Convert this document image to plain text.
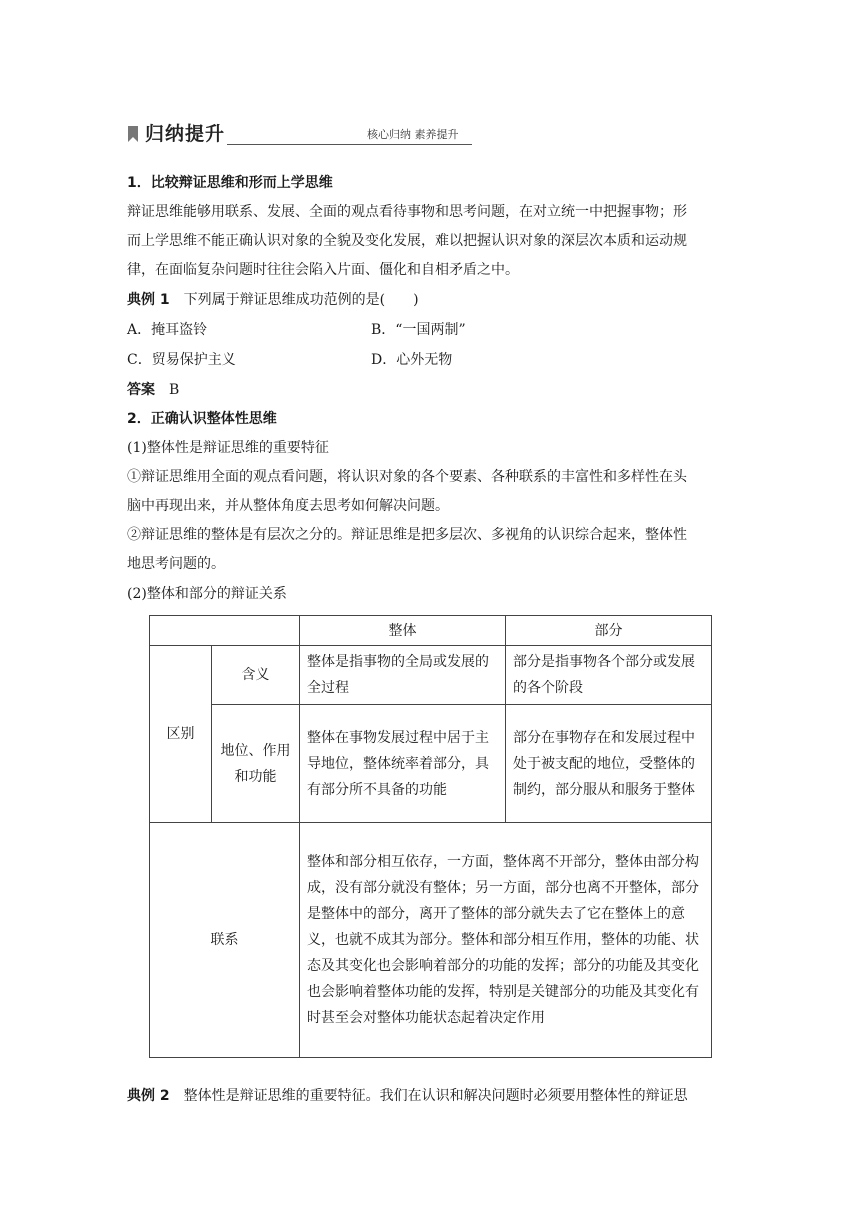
归纳提升	核心归纳 素养提升
1．比较辩证思维和形而上学思维
辩证思维能够用联系、发展、全面的观点看待事物和思考问题，在对立统一中把握事物；形
而上学思维不能正确认识对象的全貌及变化发展，难以把握认识对象的深层次本质和运动规
律，在面临复杂问题时往往会陷入片面、僵化和自相矛盾之中。
典例 1  下列属于辩证思维成功范例的是(　　)
A．掩耳盗铃	B．“一国两制”
C．贸易保护主义	D．心外无物
答案  B
2．正确认识整体性思维
(1)整体性是辩证思维的重要特征
①辩证思维用全面的观点看问题，将认识对象的各个要素、各种联系的丰富性和多样性在头
脑中再现出来，并从整体角度去思考如何解决问题。
②辩证思维的整体是有层次之分的。辩证思维是把多层次、多视角的认识综合起来，整体性
地思考问题的。
(2)整体和部分的辩证关系
		整体	部分
区别	含义	整体是指事物的全局或发展的全过程	部分是指事物各个部分或发展的各个阶段
	地位、作用和功能	整体在事物发展过程中居于主导地位，整体统率着部分，具有部分所不具备的功能	部分在事物存在和发展过程中处于被支配的地位，受整体的制约，部分服从和服务于整体
联系		整体和部分相互依存，一方面，整体离不开部分，整体由部分构成，没有部分就没有整体；另一方面，部分也离不开整体，部分是整体中的部分，离开了整体的部分就失去了它在整体上的意义，也就不成其为部分。整体和部分相互作用，整体的功能、状态及其变化也会影响着部分的功能的发挥；部分的功能及其变化也会影响着整体功能的发挥，特别是关键部分的功能及其变化有时甚至会对整体功能状态起着决定作用	
典例 2  整体性是辩证思维的重要特征。我们在认识和解决问题时必须要用整体性的辩证思
